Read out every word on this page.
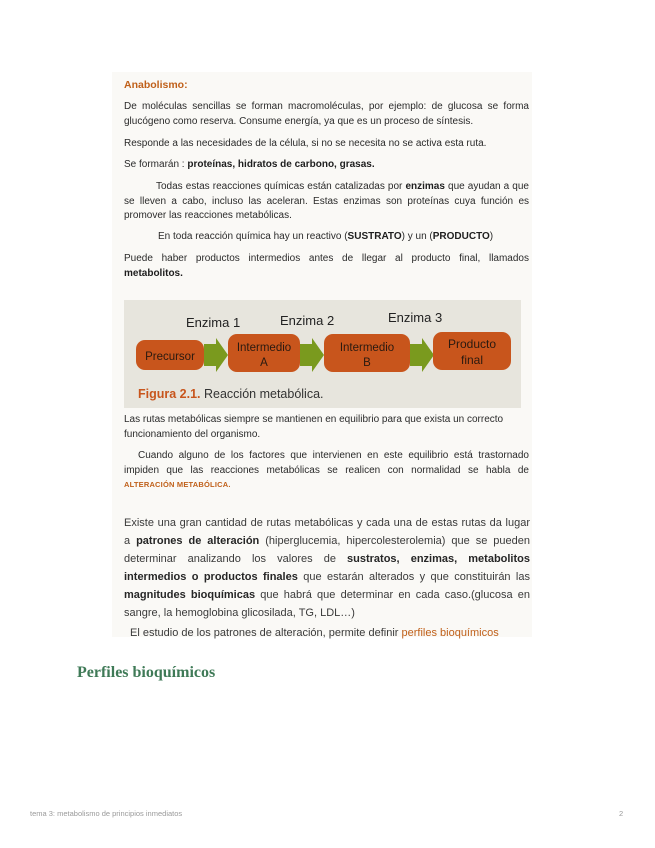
Anabolismo:
De moléculas sencillas se forman macromoléculas, por ejemplo: de glucosa se forma glucógeno como reserva. Consume energía, ya que es un proceso de síntesis.
Responde a las necesidades de la célula, si no se necesita no se activa esta ruta.
Se formarán : proteínas, hidratos de carbono, grasas.
Todas estas reacciones químicas están catalizadas por enzimas que ayudan a que se lleven a cabo, incluso las aceleran. Estas enzimas son proteínas cuya función es promover las reacciones metabólicas.
En toda reacción química hay un reactivo (SUSTRATO) y un (PRODUCTO)
Puede haber productos intermedios antes de llegar al producto final, llamados metabolitos.
Enzima 1	Enzima 2	Enzima 3
Precursor
Intermedio
A
Intermedio
B
Producto
final
Figura 2.1. Reacción metabólica.
Las rutas metabólicas siempre se mantienen en equilibrio para que exista un correcto funcionamiento del organismo.
Cuando alguno de los factores que intervienen en este equilibrio está trastornado impiden que las reacciones metabólicas se realicen con normalidad se habla de ALTERACIÓN METABÓLICA.
Existe una gran cantidad de rutas metabólicas y cada una de estas rutas da lugar a patrones de alteración (hiperglucemia, hipercolesterolemia) que se pueden determinar analizando los valores de sustratos, enzimas, metabolitos intermedios o productos finales que estarán alterados y que constituirán las magnitudes bioquímicas que habrá que determinar en cada caso.(glucosa en sangre, la hemoglobina glicosilada, TG, LDL…)
El estudio de los patrones de alteración, permite definir perfiles bioquímicos
Perfiles bioquímicos
tema 3: metabolismo de principios inmediatos	2
